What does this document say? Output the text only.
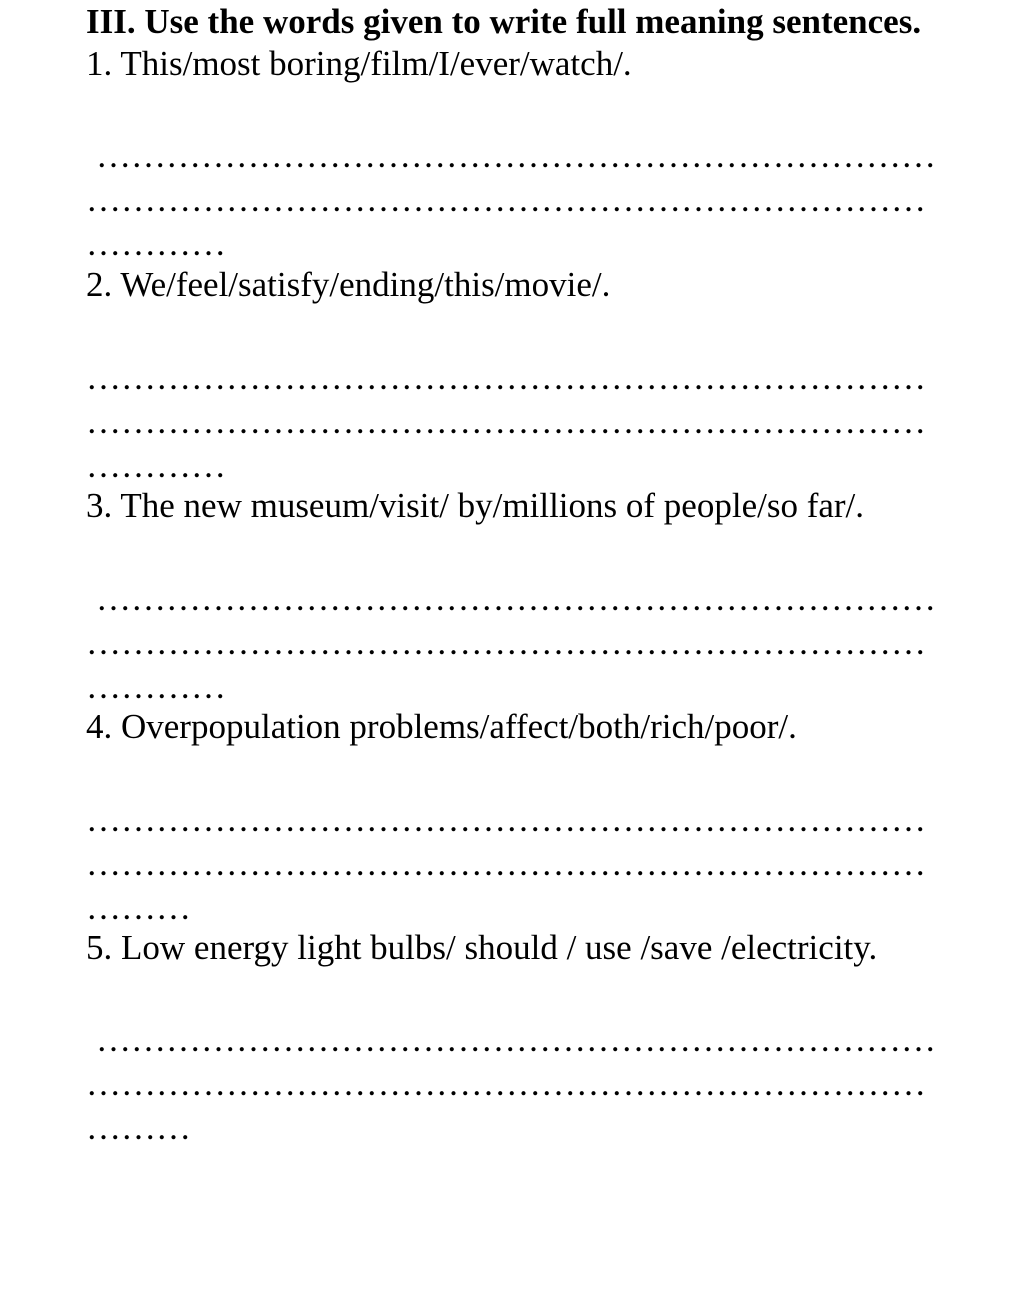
III. Use the words given to write full meaning sentences.
1. This/most boring/film/I/ever/watch/.
………………………………………………………………
………………………………………………………………
…………
2. We/feel/satisfy/ending/this/movie/.
………………………………………………………………
………………………………………………………………
…………
3. The new museum/visit/ by/millions of people/so far/.
………………………………………………………………
………………………………………………………………
…………
4. Overpopulation problems/affect/both/rich/poor/.
………………………………………………………………
………………………………………………………………
………
5. Low energy light bulbs/ should / use /save /electricity.
………………………………………………………………
………………………………………………………………
………
